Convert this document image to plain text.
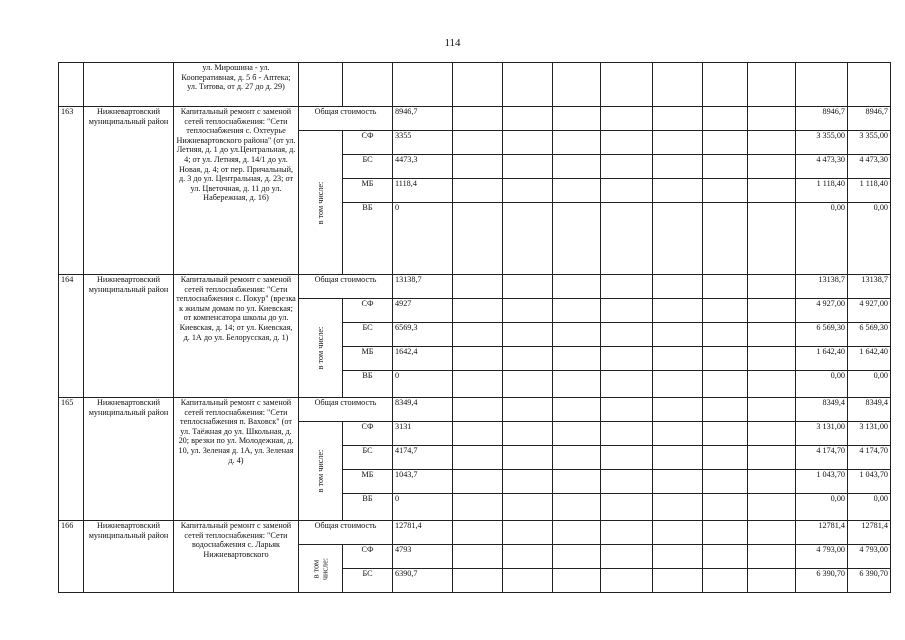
114
		ул. Мирошина - ул. Кооперативная, д. 5 б - Аптека; ул. Титова, от д. 27 до д. 29)												
163	Нижневартовский муниципальный район	Капитальный ремонт с заменой сетей теплоснабжения: "Сети теплоснабжения с. Охтеурье Нижневартовского района" (от ул. Летняя, д. 1 до ул.Центральная, д. 4; от ул. Летняя, д. 14/1 до ул. Новая, д. 4; от пер. Причальный, д. 3 до ул. Центральная, д. 23; от ул. Цветочная, д. 11 до ул. Набережная, д. 16)	Общая стоимость		8946,7								8946,7	8946,7

			в том числе:	СФ	3355								3 355,00	3 355,00
				БС	4473,3								4 473,30	4 473,30
				МБ	1118,4								1 118,40	1 118,40
				ВБ	0								0,00	0,00
164	Нижневартовский муниципальный район	Капитальный ремонт с заменой сетей теплоснабжения: "Сети теплоснабжения с. Покур" (врезка к жилым домам по ул. Киевская; от компенсатора школы до ул. Киевская, д. 14; от ул. Киевская, д. 1А до ул. Белорусская, д. 1)	Общая стоимость		13138,7								13138,7	13138,7

			в том числе:	СФ	4927								4 927,00	4 927,00
				БС	6569,3								6 569,30	6 569,30
				МБ	1642,4								1 642,40	1 642,40
				ВБ	0								0,00	0,00
165	Нижневартовский муниципальный район	Капитальный ремонт с заменой сетей теплоснабжения: "Сети теплоснабжения п. Ваховск" (от ул. Таёжная до ул. Школьная, д. 20; врезки по ул. Молодежная, д. 10, ул. Зеленая д. 1А, ул. Зеленая д. 4)	Общая стоимость		8349,4								8349,4	8349,4

			в том числе:	СФ	3131								3 131,00	3 131,00
				БС	4174,7								4 174,70	4 174,70
				МБ	1043,7								1 043,70	1 043,70
				ВБ	0								0,00	0,00
166	Нижневартовский муниципальный район	Капитальный ремонт с заменой сетей теплоснабжения: "Сети водоснабжения с. Ларьяк Нижневартовского	Общая стоимость		12781,4								12781,4	12781,4

			в том числе:	СФ	4793								4 793,00	4 793,00
				БС	6390,7								6 390,70	6 390,70
